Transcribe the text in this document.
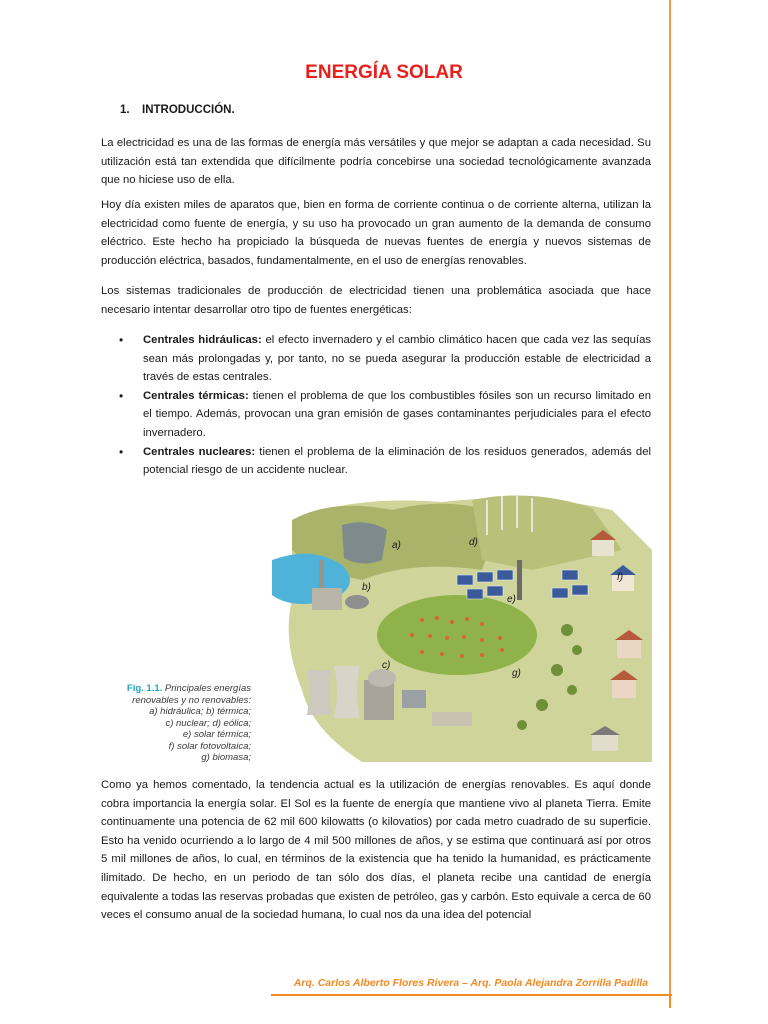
ENERGÍA SOLAR
1. INTRODUCCIÓN.

La electricidad es una de las formas de energía más versátiles y que mejor se adaptan a cada necesidad. Su utilización está tan extendida que difícilmente podría concebirse una sociedad tecnológicamente avanzada que no hiciese uso de ella.

Hoy día existen miles de aparatos que, bien en forma de corriente continua o de corriente alterna, utilizan la electricidad como fuente de energía, y su uso ha provocado un gran aumento de la demanda de consumo eléctrico. Este hecho ha propiciado la búsqueda de nuevas fuentes de energía y nuevos sistemas de producción eléctrica, basados, fundamentalmente, en el uso de energías renovables.

Los sistemas tradicionales de producción de electricidad tienen una problemática asociada que hace necesario intentar desarrollar otro tipo de fuentes energéticas:

• Centrales hidráulicas: el efecto invernadero y el cambio climático hacen que cada vez las sequías sean más prolongadas y, por tanto, no se pueda asegurar la producción estable de electricidad a través de estas centrales.
• Centrales térmicas: tienen el problema de que los combustibles fósiles son un recurso limitado en el tiempo. Además, provocan una gran emisión de gases contaminantes perjudiciales para el efecto invernadero.
• Centrales nucleares: tienen el problema de la eliminación de los residuos generados, además del potencial riesgo de un accidente nuclear.
a)
b)
c)
d)
e)
f)
g)
Fig. 1.1. Principales energías
renovables y no renovables:
a) hidráulica; b) térmica;
c) nuclear; d) eólica;
e) solar térmica;
f) solar fotovoltaica;
g) biomasa;

Como ya hemos comentado, la tendencia actual es la utilización de energías renovables. Es aquí donde cobra importancia la energía solar. El Sol es la fuente de energía que mantiene vivo al planeta Tierra. Emite continuamente una potencia de 62 mil 600 kilowatts (o kilovatios) por cada metro cuadrado de su superficie. Esto ha venido ocurriendo a lo largo de 4 mil 500 millones de años, y se estima que continuará así por otros 5 mil millones de años, lo cual, en términos de la existencia que ha tenido la humanidad, es prácticamente ilimitado. De hecho, en un periodo de tan sólo dos días, el planeta recibe una cantidad de energía equivalente a todas las reservas probadas que existen de petróleo, gas y carbón. Esto equivale a cerca de 60 veces el consumo anual de la sociedad humana, lo cual nos da una idea del potencial

Arq. Carlos Alberto Flores Rivera – Arq. Paola Alejandra Zorrilla Padilla
